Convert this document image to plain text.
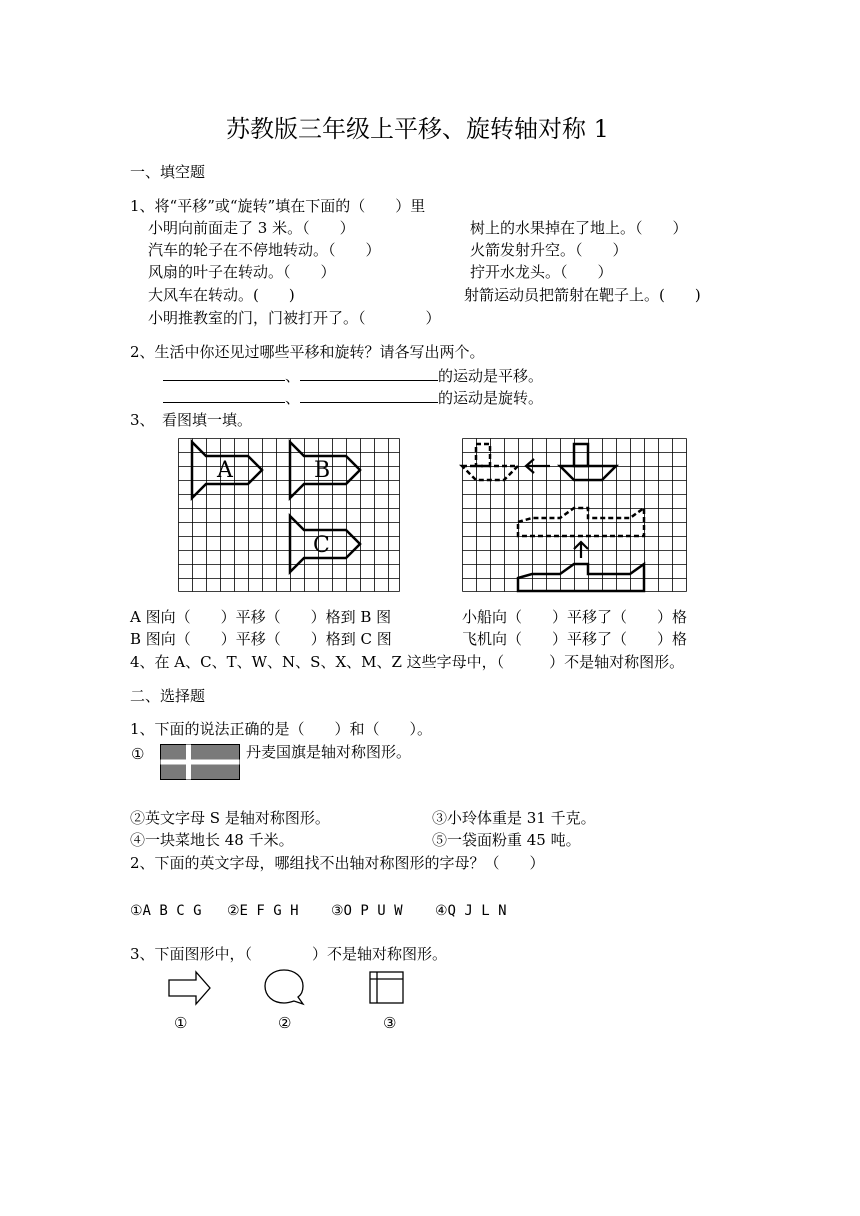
苏教版三年级上平移、旋转轴对称 1
一、填空题
1、将“平移”或“旋转”填在下面的（　　）里
小明向前面走了 3 米。（　　）	树上的水果掉在了地上。（　　）
汽车的轮子在不停地转动。（　　）	火箭发射升空。（　　）
风扇的叶子在转动。（　　）	拧开水龙头。（　　）
大风车在转动。(　　)	射箭运动员把箭射在靶子上。(　　)
小明推教室的门，门被打开了。（　　　　）
2、生活中你还见过哪些平移和旋转？请各写出两个。
、	的运动是平移。
、	的运动是旋转。
3、　看图填一填。
A	B
C
A 图向（　　）平移（　　）格到 B 图	小船向（　　）平移了（　　）格
B 图向（　　）平移（　　）格到 C 图	飞机向（　　）平移了（　　）格
4、在 A、C、T、W、N、S、X、M、Z 这些字母中，（　　　）不是轴对称图形。
二、选择题
1、下面的说法正确的是（　　）和（　　）。
①	丹麦国旗是轴对称图形。
②英文字母 S 是轴对称图形。	③小玲体重是 31 千克。
④一块菜地长 48 千米。	⑤一袋面粉重 45 吨。
2、下面的英文字母，哪组找不出轴对称图形的字母？（　　）
①A B C G ②E F G H ③O P U W ④Q J L N
3、下面图形中，（　　　　）不是轴对称图形。
①	②	③
